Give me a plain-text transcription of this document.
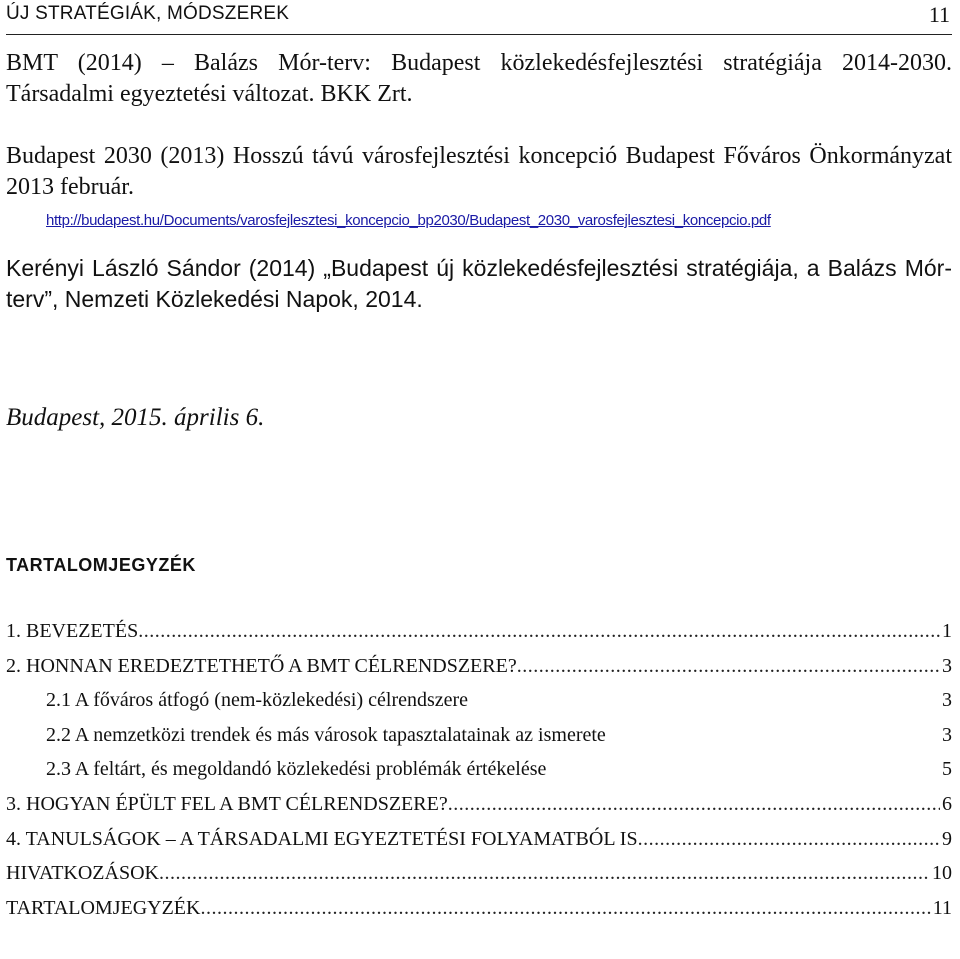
ÚJ STRATÉGIÁK, MÓDSZEREK	11
BMT (2014) – Balázs Mór-terv: Budapest közlekedésfejlesztési stratégiája 2014-2030. Társadalmi egyeztetési változat. BKK Zrt.
Budapest 2030 (2013) Hosszú távú városfejlesztési koncepció Budapest Főváros Önkormányzat 2013 február.
http://budapest.hu/Documents/varosfejlesztesi_koncepcio_bp2030/Budapest_2030_varosfejlesztesi_koncepcio.pdf
Kerényi László Sándor (2014) „Budapest új közlekedésfejlesztési stratégiája, a Balázs Mór-terv”, Nemzeti Közlekedési Napok, 2014.
Budapest, 2015. április 6.
TARTALOMJEGYZÉK
1. BEVEZETÉS .....	1
2. HONNAN EREDEZTETHETŐ A BMT CÉLRENDSZERE? .....	3
2.1 A főváros átfogó (nem-közlekedési) célrendszere	3
2.2 A nemzetközi trendek és más városok tapasztalatainak az ismerete	3
2.3 A feltárt, és megoldandó közlekedési problémák értékelése	5
3. HOGYAN ÉPÜLT FEL A BMT CÉLRENDSZERE? .....	6
4. TANULSÁGOK – A TÁRSADALMI EGYEZTETÉSI FOLYAMATBÓL IS .....	9
HIVATKOZÁSOK .....	10
TARTALOMJEGYZÉK .....	11
